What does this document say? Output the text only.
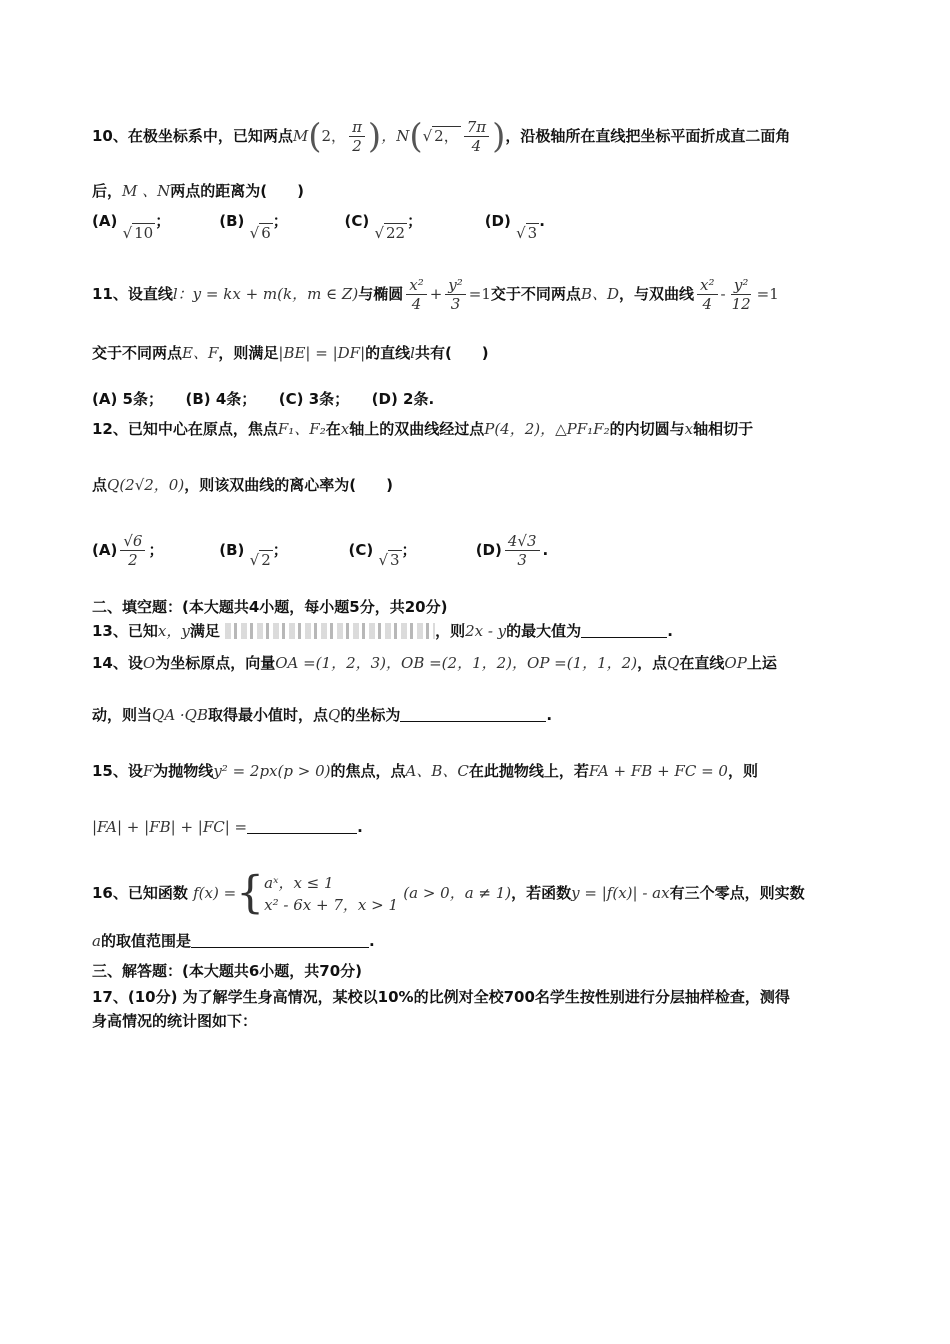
10、在极坐标系中，已知两点M(2， $\frac{\pi}{2}$ )，N(√ 2， $\frac{7\pi}{4}$ )，沿极轴所在直线把坐标平面折成直二面角
后，M 、N两点的距离为(　　)
(A) √ 10；	(B) √ 6；	(C) √ 22；	(D) √ 3.
11、设直线l：y = kx + m(k，m ∈ Z)与椭圆 $\frac{\text{x²}}{4} + \frac{\text{y²}}{3} =1$交于不同两点B、D，与双曲线 $\frac{\text{x²}}{4} - \frac{\text{y²}}{12} =1$
交于不同两点E、F，则满足|BE| = |DF|的直线l共有(　　)
(A) 5条；　　(B) 4条；　　(C) 3条；　　(D) 2条.
12、已知中心在原点，焦点F₁、F₂在x轴上的双曲线经过点P(4，2)，△PF₁F₂的内切圆与x轴相切于
点Q(2√2，0)，则该双曲线的离心率为(　　)
$(A) \frac{√6}{2}$ ；	(B) √ 2；	(C) √ 3；	$(D) \frac{4√3}{3}$ .
二、填空题：(本大题共4小题，每小题5分，共20分)
13、已知x，y满足	，则2x - y的最大值为	.
14、设O为坐标原点，向量OA =(1，2，3)，OB =(2，1，2)，OP =(1，1，2)，点Q在直线OP上运
动，则当QA ·QB取得最小值时，点Q的坐标为	.
15、设F为抛物线y² = 2px(p > 0)的焦点，点A、B、C在此抛物线上，若FA + FB + FC = 0，则
|FA| + |FB| + |FC| =	.
16、已知函数 f(x) ={ aˣ，x ≤ 1
x² - 6x + 7，x > 1
(a > 0，a ≠ 1)，若函数y = |f(x)| - ax有三个零点，则实数
a的取值范围是	.
三、解答题：(本大题共6小题，共70分)
17、(10分) 为了解学生身高情况，某校以10%的比例对全校700名学生按性别进行分层抽样检查，测得
身高情况的统计图如下：
